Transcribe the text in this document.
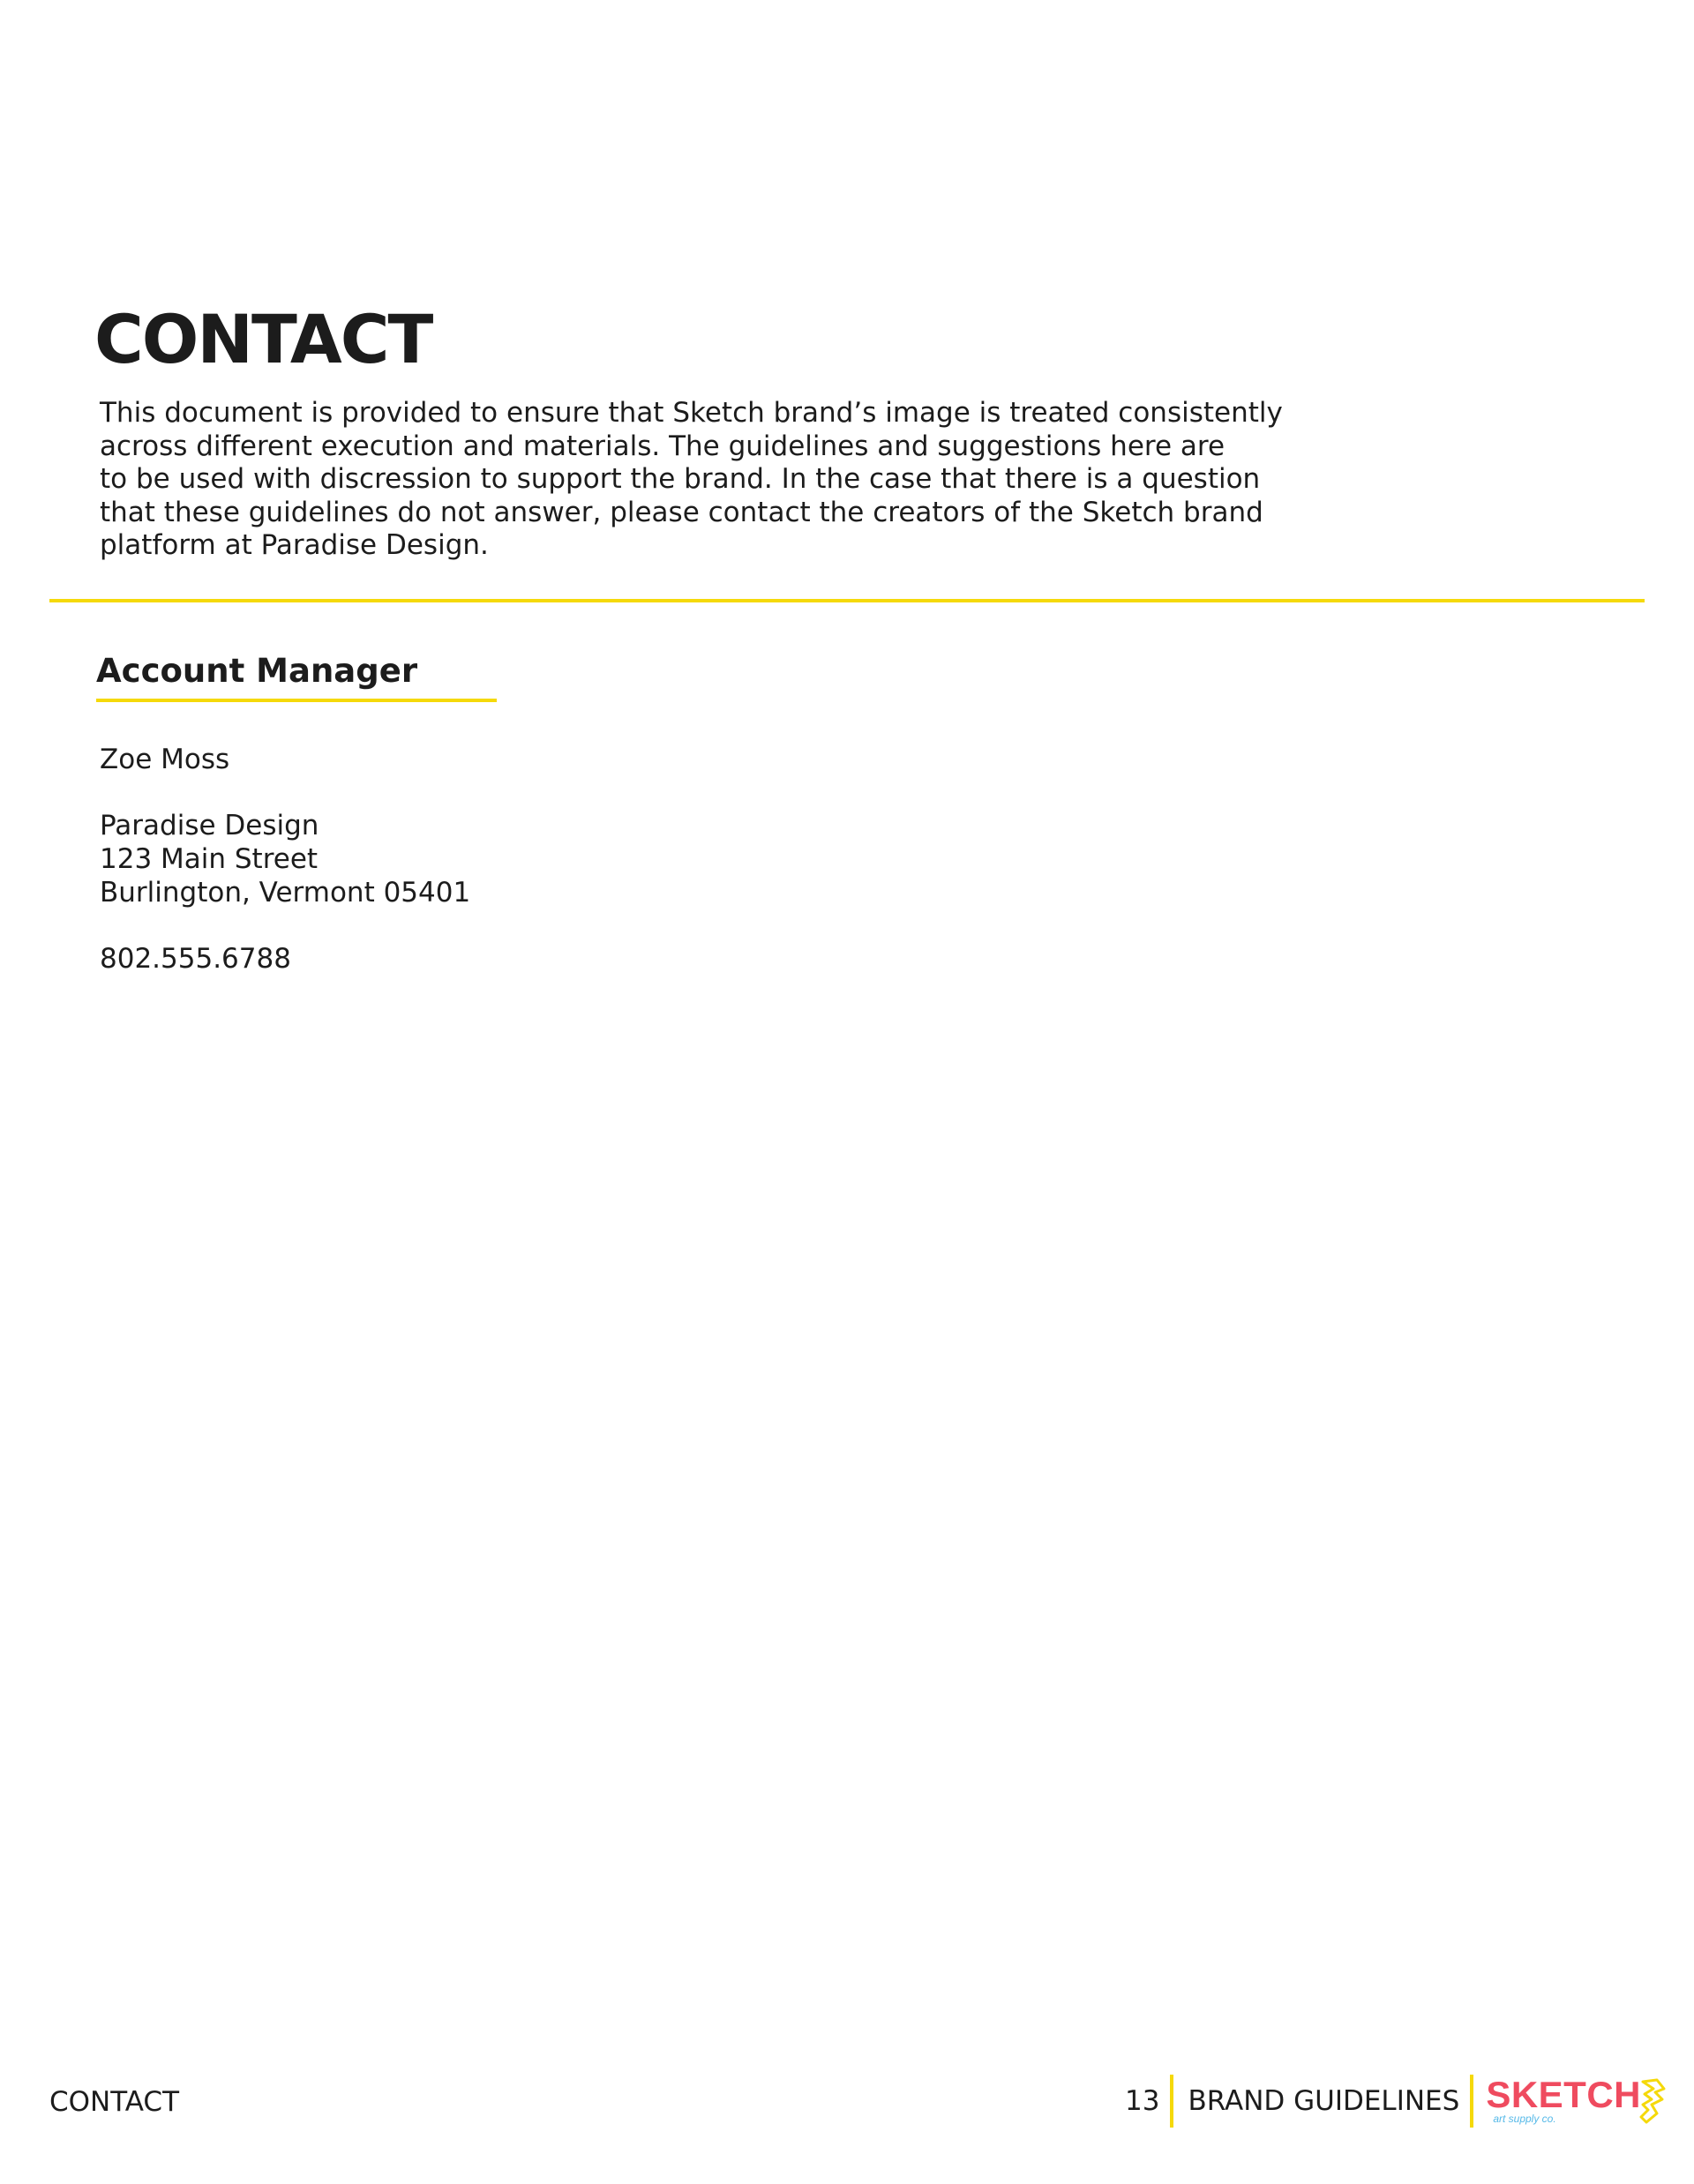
CONTACT

This document is provided to ensure that Sketch brand’s image is treated consistently
across different execution and materials. The guidelines and suggestions here are
to be used with discression to support the brand. In the case that there is a question
that these guidelines do not answer, please contact the creators of the Sketch brand
platform at Paradise Design.

Account Manager

Zoe Moss

Paradise Design

123 Main Street

Burlington, Vermont 05401

802.555.6788

CONTACT	13 BRAND GUIDELINES SKETCH
art supply co.
